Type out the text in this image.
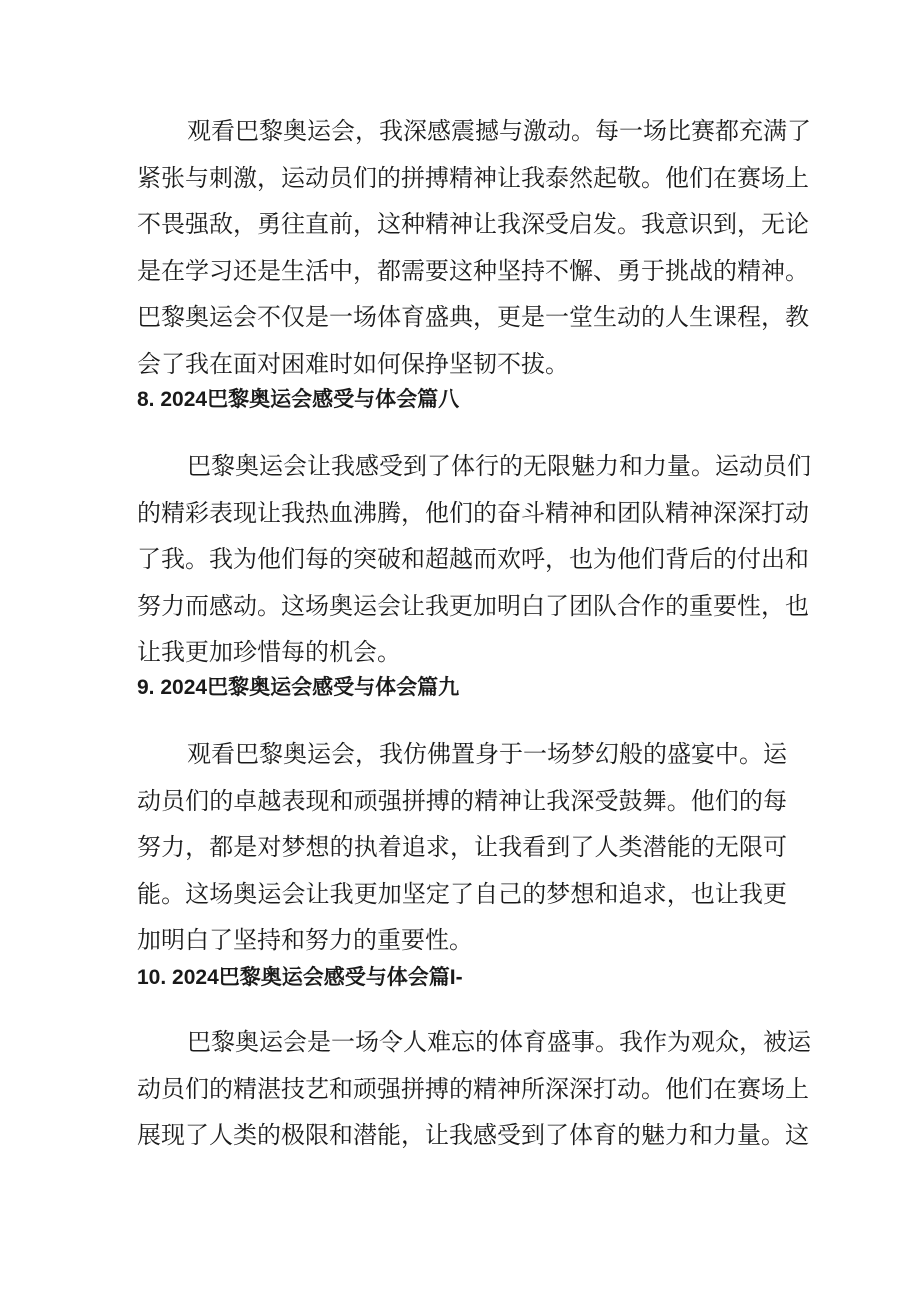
观看巴黎奥运会，我深感震撼与激动。每一场比赛都充满了
紧张与刺激，运动员们的拼搏精神让我泰然起敬。他们在赛场上
不畏强敌，勇往直前，这种精神让我深受启发。我意识到，无论
是在学习还是生活中，都需要这种坚持不懈、勇于挑战的精神。
巴黎奥运会不仅是一场体育盛典，更是一堂生动的人生课程，教
会了我在面对困难时如何保挣坚韧不拔。
8. 2024巴黎奥运会感受与体会篇八
巴黎奥运会让我感受到了体行的无限魅力和力量。运动员们
的精彩表现让我热血沸腾，他们的奋斗精神和团队精神深深打动
了我。我为他们每的突破和超越而欢呼，也为他们背后的付出和
努力而感动。这场奥运会让我更加明白了团队合作的重要性，也
让我更加珍惜每的机会。
9. 2024巴黎奥运会感受与体会篇九
观看巴黎奥运会，我仿佛置身于一场梦幻般的盛宴中。运
动员们的卓越表现和顽强拼搏的精神让我深受鼓舞。他们的每
努力，都是对梦想的执着追求，让我看到了人类潜能的无限可
能。这场奥运会让我更加坚定了自己的梦想和追求，也让我更
加明白了坚持和努力的重要性。
10. 2024巴黎奥运会感受与体会篇I-
巴黎奥运会是一场令人难忘的体育盛事。我作为观众，被运
动员们的精湛技艺和顽强拼搏的精神所深深打动。他们在赛场上
展现了人类的极限和潜能，让我感受到了体育的魅力和力量。这
